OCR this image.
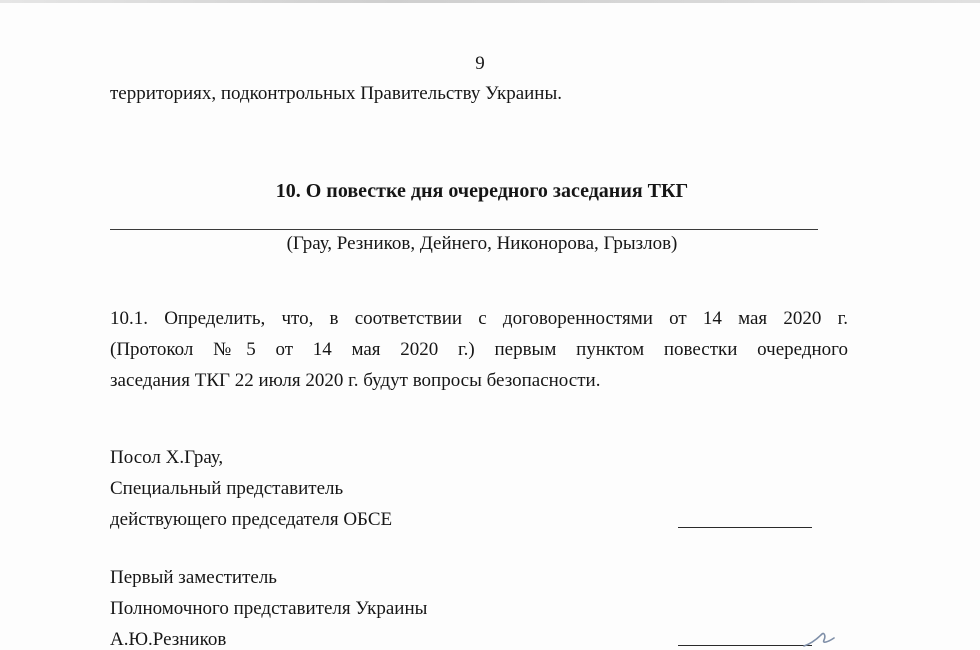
9
территориях, подконтрольных Правительству Украины.
10. О повестке дня очередного заседания ТКГ
(Грау, Резников, Дейнего, Никонорова, Грызлов)

10.1. Определить, что, в соответствии с договоренностями от 14 мая 2020 г.
(Протокол №5 от 14 мая 2020 г.) первым пунктом повестки очередного
заседания ТКГ 22 июля 2020 г. будут вопросы безопасности.

Посол Х.Грау,
Специальный представитель
действующего председателя ОБСЕ
Первый заместитель
Полномочного представителя Украины
А.Ю.Резников
